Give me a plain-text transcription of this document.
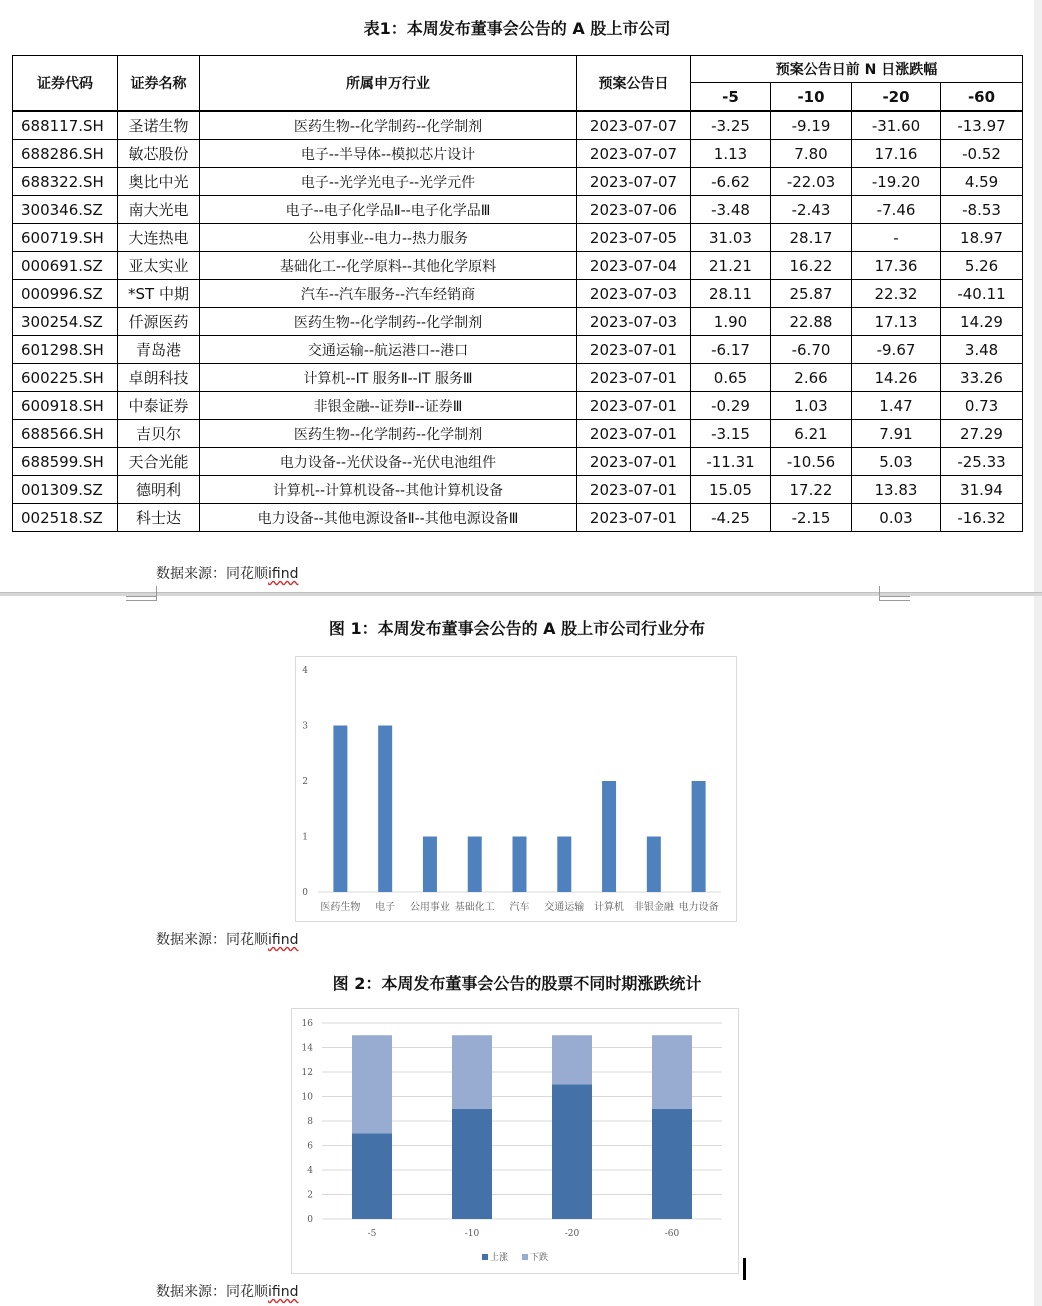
表1：本周发布董事会公告的 A 股上市公司
证券代码	证券名称	所属申万行业	预案公告日	预案公告日前 N 日涨跌幅			
				-5	-10	-20	-60
688117.SH	圣诺生物	医药生物--化学制药--化学制剂	2023-07-07	-3.25	-9.19	-31.60	-13.97
688286.SH	敏芯股份	电子--半导体--模拟芯片设计	2023-07-07	1.13	7.80	17.16	-0.52
688322.SH	奥比中光	电子--光学光电子--光学元件	2023-07-07	-6.62	-22.03	-19.20	4.59
300346.SZ	南大光电	电子--电子化学品Ⅱ--电子化学品Ⅲ	2023-07-06	-3.48	-2.43	-7.46	-8.53
600719.SH	大连热电	公用事业--电力--热力服务	2023-07-05	31.03	28.17	-	18.97
000691.SZ	亚太实业	基础化工--化学原料--其他化学原料	2023-07-04	21.21	16.22	17.36	5.26
000996.SZ	*ST 中期	汽车--汽车服务--汽车经销商	2023-07-03	28.11	25.87	22.32	-40.11
300254.SZ	仟源医药	医药生物--化学制药--化学制剂	2023-07-03	1.90	22.88	17.13	14.29
601298.SH	青岛港	交通运输--航运港口--港口	2023-07-01	-6.17	-6.70	-9.67	3.48
600225.SH	卓朗科技	计算机--IT 服务Ⅱ--IT 服务Ⅲ	2023-07-01	0.65	2.66	14.26	33.26
600918.SH	中泰证券	非银金融--证券Ⅱ--证券Ⅲ	2023-07-01	-0.29	1.03	1.47	0.73
688566.SH	吉贝尔	医药生物--化学制药--化学制剂	2023-07-01	-3.15	6.21	7.91	27.29
688599.SH	天合光能	电力设备--光伏设备--光伏电池组件	2023-07-01	-11.31	-10.56	5.03	-25.33
001309.SZ	德明利	计算机--计算机设备--其他计算机设备	2023-07-01	15.05	17.22	13.83	31.94
002518.SZ	科士达	电力设备--其他电源设备Ⅱ--其他电源设备Ⅲ	2023-07-01	-4.25	-2.15	0.03	-16.32
数据来源：同花顺ifind
图 1：本周发布董事会公告的 A 股上市公司行业分布
0
1
2
3
4
医药生物 电子 公用事业 基础化工 汽车 交通运输 计算机 非银金融 电力设备
数据来源：同花顺ifind
图 2：本周发布董事会公告的股票不同时期涨跌统计
0
2
4
6
8
10
12
14
16
-5	-10	-20	-60
上涨 下跌
数据来源：同花顺ifind
